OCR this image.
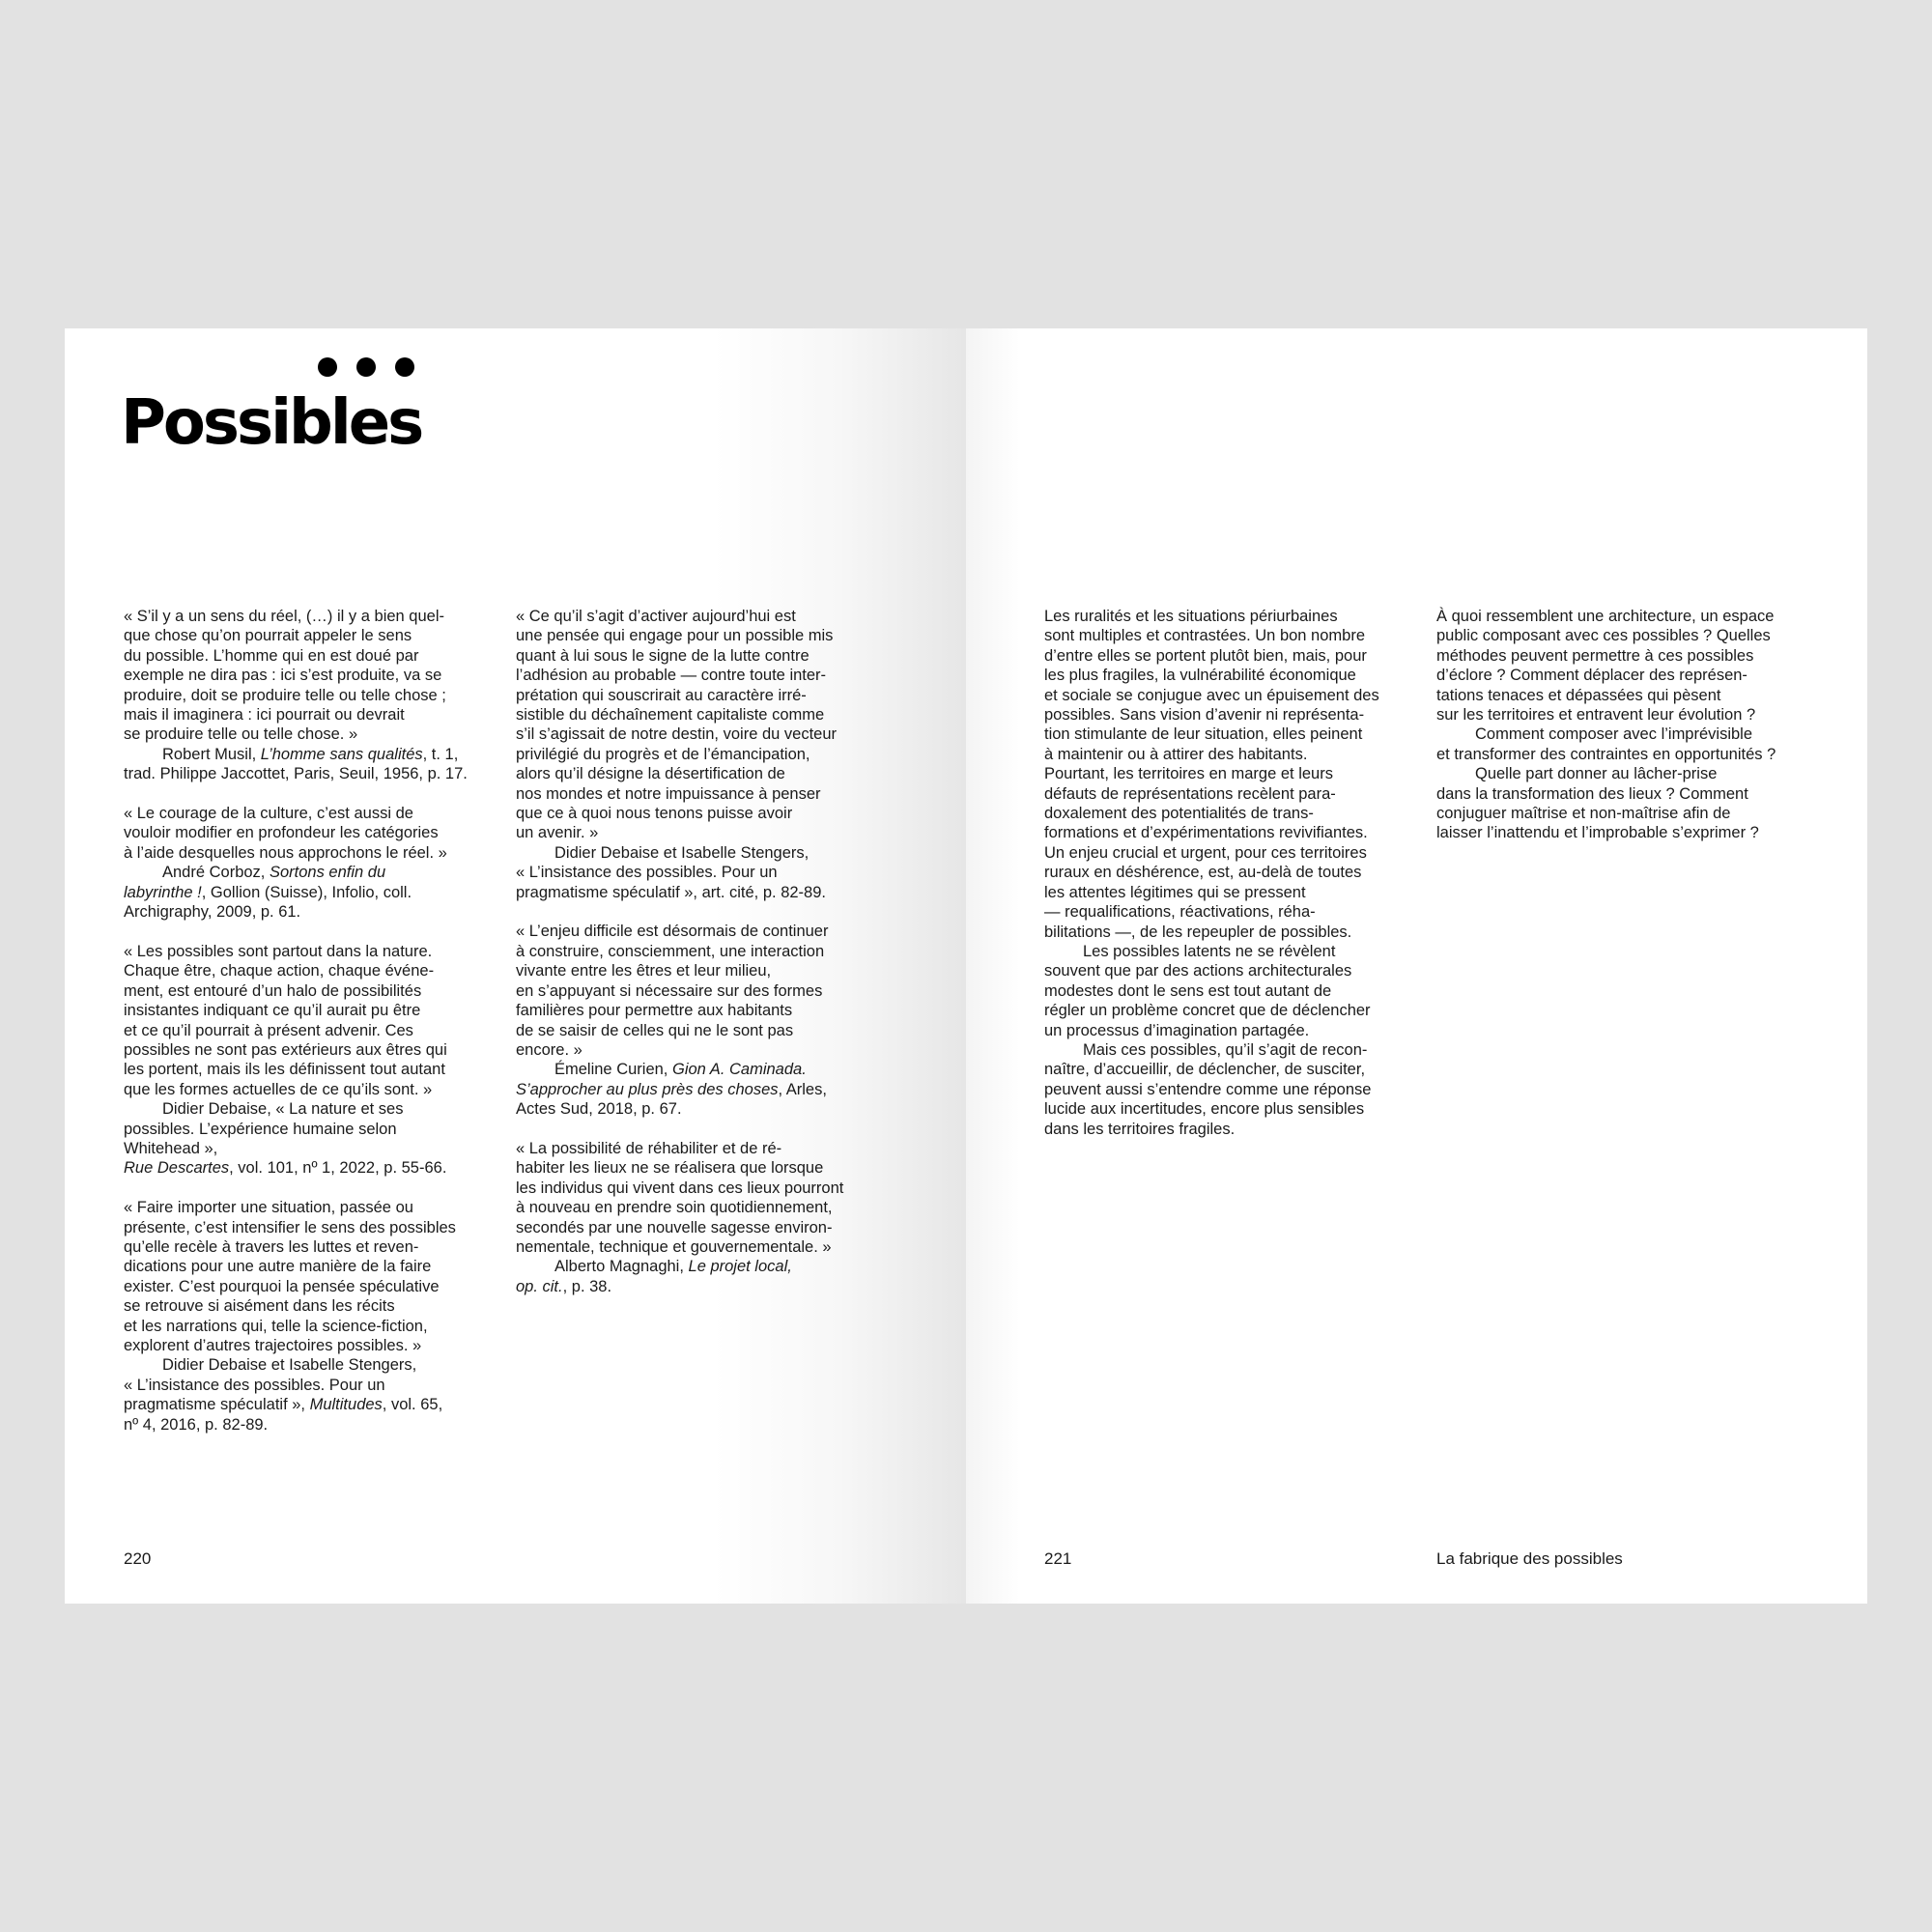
Possibles
« S’il y a un sens du réel, (…) il y a bien quel-
que chose qu’on pourrait appeler le sens
du possible. L’homme qui en est doué par
exemple ne dira pas : ici s’est produite, va se
produire, doit se produire telle ou telle chose ;
mais il imaginera : ici pourrait ou devrait
se produire telle ou telle chose. »
Robert Musil, L’homme sans qualités, t. 1,
trad. Philippe Jaccottet, Paris, Seuil, 1956, p. 17.
« Le courage de la culture, c’est aussi de
vouloir modifier en profondeur les catégories
à l’aide desquelles nous approchons le réel. »
André Corboz, Sortons enfin du
labyrinthe !, Gollion (Suisse), Infolio, coll.
Archigraphy, 2009, p. 61.
« Les possibles sont partout dans la nature.
Chaque être, chaque action, chaque événe-
ment, est entouré d’un halo de possibilités
insistantes indiquant ce qu’il aurait pu être
et ce qu’il pourrait à présent advenir. Ces
possibles ne sont pas extérieurs aux êtres qui
les portent, mais ils les définissent tout autant
que les formes actuelles de ce qu’ils sont. »
Didier Debaise, « La nature et ses
possibles. L’expérience humaine selon
Whitehead »,
Rue Descartes, vol. 101, nº 1, 2022, p. 55-66.
« Faire importer une situation, passée ou
présente, c’est intensifier le sens des possibles
qu’elle recèle à travers les luttes et reven-
dications pour une autre manière de la faire
exister. C’est pourquoi la pensée spéculative
se retrouve si aisément dans les récits
et les narrations qui, telle la science-fiction,
explorent d’autres trajectoires possibles. »
Didier Debaise et Isabelle Stengers,
« L’insistance des possibles. Pour un
pragmatisme spéculatif », Multitudes, vol. 65,
nº 4, 2016, p. 82-89.
« Ce qu’il s’agit d’activer aujourd’hui est
une pensée qui engage pour un possible mis
quant à lui sous le signe de la lutte contre
l’adhésion au probable — contre toute inter-
prétation qui souscrirait au caractère irré-
sistible du déchaînement capitaliste comme
s’il s’agissait de notre destin, voire du vecteur
privilégié du progrès et de l’émancipation,
alors qu’il désigne la désertification de
nos mondes et notre impuissance à penser
que ce à quoi nous tenons puisse avoir
un avenir. »
Didier Debaise et Isabelle Stengers,
« L’insistance des possibles. Pour un
pragmatisme spéculatif », art. cité, p. 82-89.
« L’enjeu difficile est désormais de continuer
à construire, consciemment, une interaction
vivante entre les êtres et leur milieu,
en s’appuyant si nécessaire sur des formes
familières pour permettre aux habitants
de se saisir de celles qui ne le sont pas
encore. »
Émeline Curien, Gion A. Caminada.
S’approcher au plus près des choses, Arles,
Actes Sud, 2018, p. 67.
« La possibilité de réhabiliter et de ré-
habiter les lieux ne se réalisera que lorsque
les individus qui vivent dans ces lieux pourront
à nouveau en prendre soin quotidiennement,
secondés par une nouvelle sagesse environ-
nementale, technique et gouvernementale. »
Alberto Magnaghi, Le projet local,
op. cit., p. 38.
220
Les ruralités et les situations périurbaines
sont multiples et contrastées. Un bon nombre
d’entre elles se portent plutôt bien, mais, pour
les plus fragiles, la vulnérabilité économique
et sociale se conjugue avec un épuisement des
possibles. Sans vision d’avenir ni représenta-
tion stimulante de leur situation, elles peinent
à maintenir ou à attirer des habitants.
Pourtant, les territoires en marge et leurs
défauts de représentations recèlent para-
doxalement des potentialités de trans-
formations et d’expérimentations revivifiantes.
Un enjeu crucial et urgent, pour ces territoires
ruraux en déshérence, est, au-delà de toutes
les attentes légitimes qui se pressent
— requalifications, réactivations, réha-
bilitations —, de les repeupler de possibles.
Les possibles latents ne se révèlent
souvent que par des actions architecturales
modestes dont le sens est tout autant de
régler un problème concret que de déclencher
un processus d’imagination partagée.
Mais ces possibles, qu’il s’agit de recon-
naître, d’accueillir, de déclencher, de susciter,
peuvent aussi s’entendre comme une réponse
lucide aux incertitudes, encore plus sensibles
dans les territoires fragiles.
À quoi ressemblent une architecture, un espace
public composant avec ces possibles ? Quelles
méthodes peuvent permettre à ces possibles
d’éclore ? Comment déplacer des représen-
tations tenaces et dépassées qui pèsent
sur les territoires et entravent leur évolution ?
Comment composer avec l’imprévisible
et transformer des contraintes en opportunités ?
Quelle part donner au lâcher-prise
dans la transformation des lieux ? Comment
conjuguer maîtrise et non-maîtrise afin de
laisser l’inattendu et l’improbable s’exprimer ?
221	La fabrique des possibles
